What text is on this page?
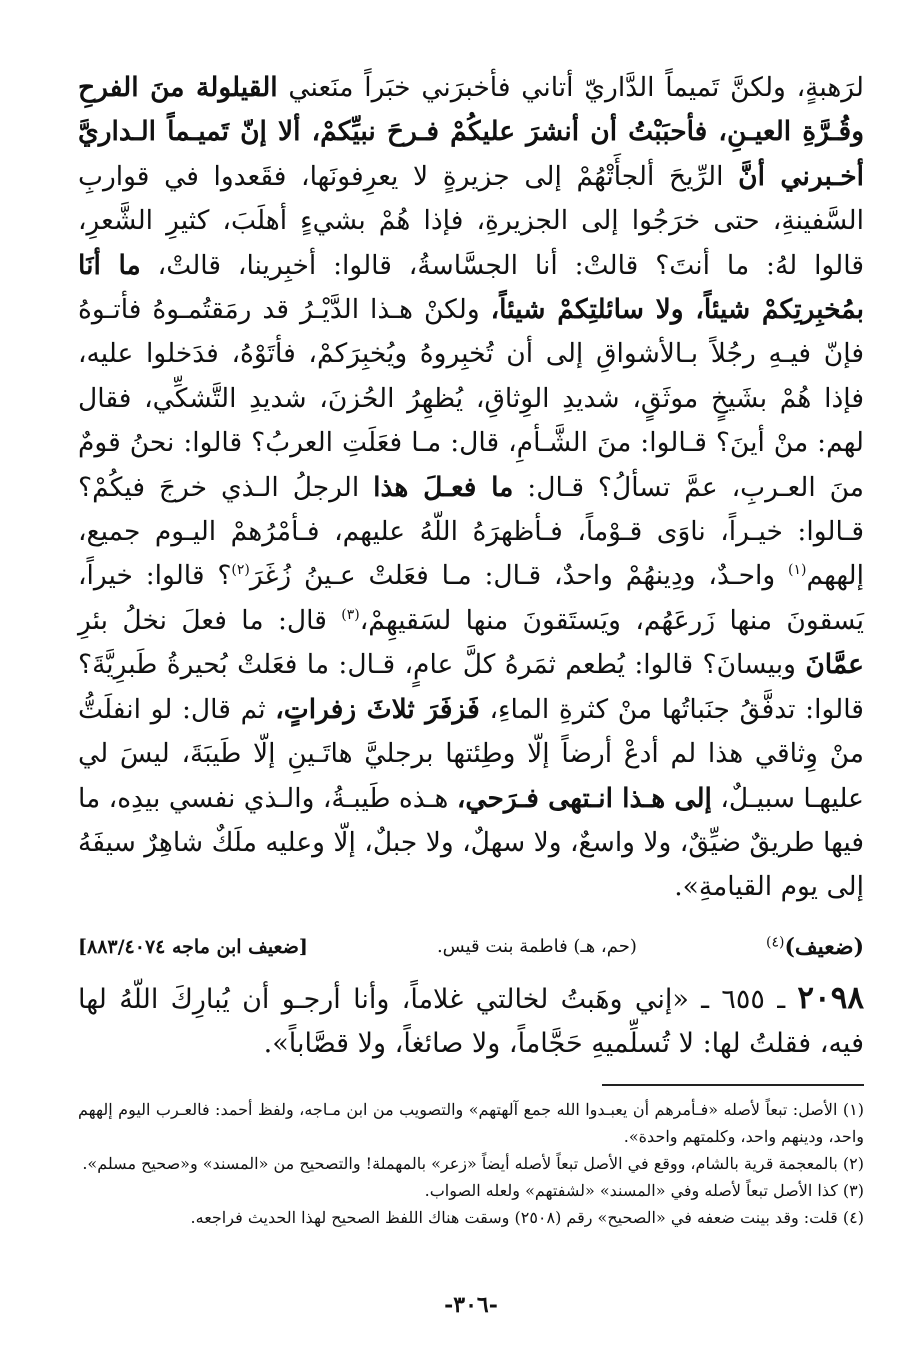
لرَهبةٍ، ولكنَّ تَميماً الدَّاريّ أتاني فأخبرَني خبَراً منَعني القيلولة منَ الفرحِ وقُـرَّةِ العيـنِ، فأحبَبْتُ أن أنشرَ عليكُمْ فـرحَ نبيِّكمْ، ألا إنّ تَميـماً الـداريَّ أخـبرني أنَّ الرِّيحَ ألجأَتْهُمْ إلى جزيرةٍ لا يعرِفونَها، فقَعدوا في قواربِ السَّفينةِ، حتى خرَجُوا إلى الجزيرةِ، فإذا هُمْ بشيءٍ أهلَبَ، كثيرِ الشَّعرِ، قالوا لهُ: ما أنتَ؟ قالتْ: أنا الجسَّاسةُ، قالوا: أخبِرينا، قالتْ، ما أنَا بمُخبِرتِكمْ شيئاً، ولا سائلتِكمْ شيئاً، ولكنْ هـذا الدَّيْـرُ قد رمَقتُمـوهُ فأتـوهُ فإنّ فيـهِ رجُلاً بـالأشواقِ إلى أن تُخبِروهُ ويُخبِرَكمْ، فأتَوْهُ، فدَخلوا عليه، فإذا هُمْ بشَيخٍ موثَقٍ، شديدِ الوِثاقِ، يُظهِرُ الحُزنَ، شديدِ التَّشكِّي، فقال لهم: منْ أينَ؟ قـالوا: منَ الشَّـأمِ، قال: مـا فعَلَتِ العربُ؟ قالوا: نحنُ قومٌ منَ العـربِ، عمَّ تسألُ؟ قـال: ما فعـلَ هذا الرجلُ الـذي خرجَ فيكُمْ؟ قـالوا: خيـراً، ناوَى قـوْماً، فـأظهرَهُ اللّهُ عليهم، فـأمْرُهمْ اليـوم جميع، إلههم$^{(١)}$ واحـدٌ، ودِينهُمْ واحدٌ، قـال: مـا فعَلتْ عـينُ زُغَرَ$^{(٢)}$؟ قالوا: خيراً، يَسقونَ منها زَرعَهُم، ويَستَقونَ منها لسَقيهِمْ،$^{(٣)}$ قال: ما فعلَ نخلُ بئرِ عمَّانَ وبيسانَ؟ قالوا: يُطعم ثمَرهُ كلَّ عامٍ، قـال: ما فعَلتْ بُحيرةُ طَبرِيَّةَ؟ قالوا: تدفَّقُ جنَباتُها منْ كثرةِ الماءِ، فَزفَرَ ثلاثَ زفراتٍ، ثم قال: لو انفلَتُّ منْ وِثاقي هذا لم أدعْ أرضاً إلّا وطِئتها برجليَّ هاتَـينِ إلّا طَيبَةَ، ليسَ لي عليهـا سبيـلٌ، إلى هـذا انـتهى فـرَحي، هـذه طَيبـةُ، والـذي نفسي بيدِه، ما فيها طريقٌ ضيِّقٌ، ولا واسعٌ، ولا سهلٌ، ولا جبلٌ، إلّا وعليه ملَكٌ شاهِرٌ سيفَهُ إلى يوم القيامةِ».

(ضعيف)$^{(٤)}$
(حم، هـ) فاطمة بنت قيس.
[ضعيف ابن ماجه ٨٨٣/٤٠٧٤]

٢٠٩٨ ـ ٦٥٥ ـ «إني وهَبتُ لخالتي غلاماً، وأنا أرجـو أن يُبارِكَ اللّهُ لها فيه، فقلتُ لها: لا تُسلِّميهِ حَجَّاماً، ولا صائغاً، ولا قصَّاباً».

(١) الأصل: تبعاً لأصله «فـأمرهم أن يعبـدوا الله جمع آلهتهم» والتصويب من ابن مـاجه، ولفظ أحمد: فالعـرب اليوم إلههم واحد، ودينهم واحد، وكلمتهم واحدة».

(٢) بالمعجمة قرية بالشام، ووقع في الأصل تبعاً لأصله أيضاً «زعر» بالمهملة! والتصحيح من «المسند» و«صحيح مسلم».

(٣) كذا الأصل تبعاً لأصله وفي «المسند» «لشفتهم» ولعله الصواب.

(٤) قلت: وقد بينت ضعفه في «الصحيح» رقم (٢٥٠٨) وسقت هناك اللفظ الصحيح لهذا الحديث فراجعه.

-٣٠٦-
